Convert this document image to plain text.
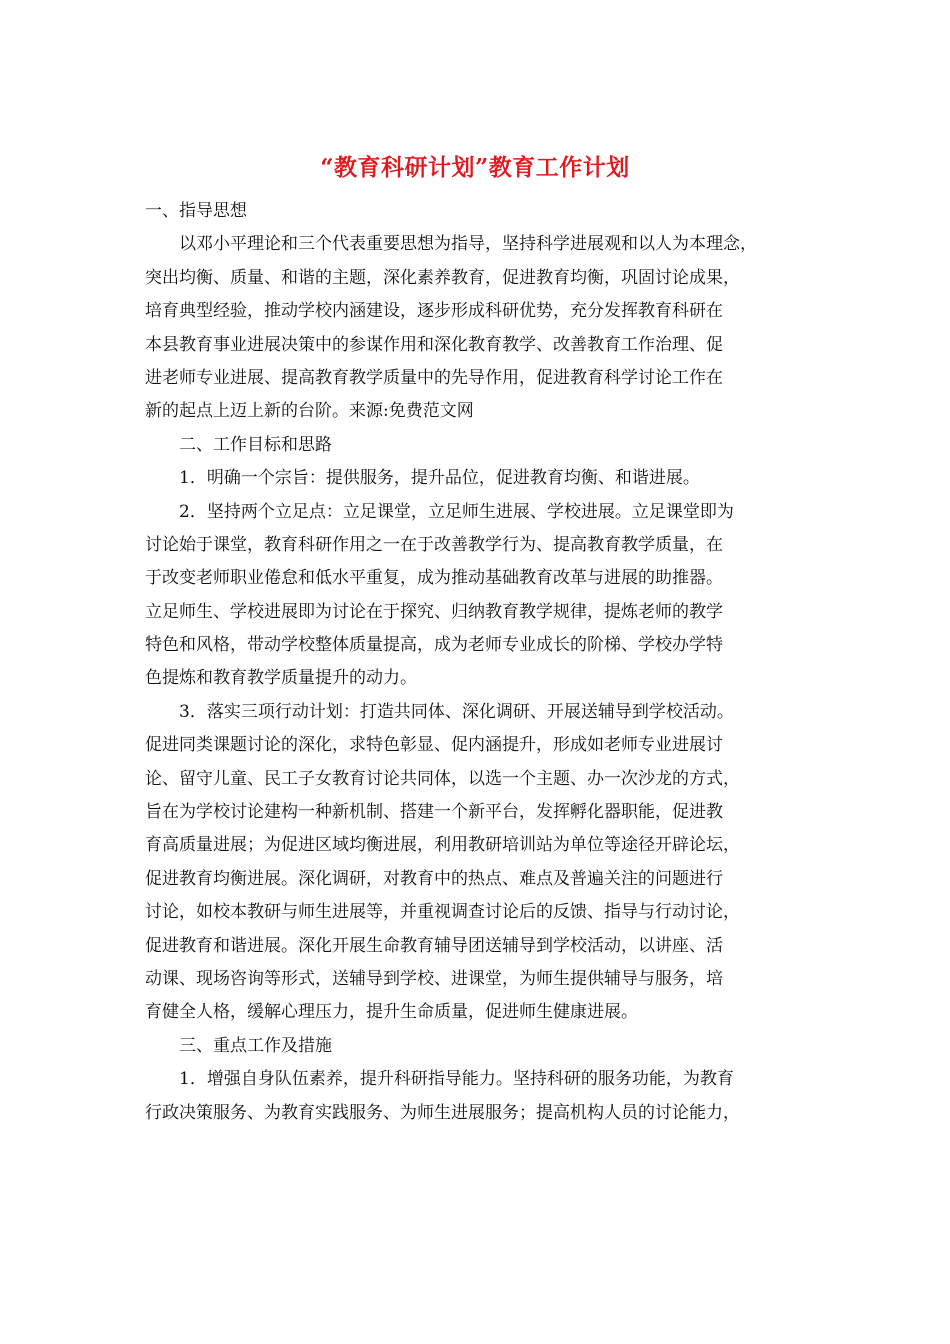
“教育科研计划”教育工作计划
一、指导思想
以邓小平理论和三个代表重要思想为指导，坚持科学进展观和以人为本理念，
突出均衡、质量、和谐的主题，深化素养教育，促进教育均衡，巩固讨论成果，
培育典型经验，推动学校内涵建设，逐步形成科研优势，充分发挥教育科研在
本县教育事业进展决策中的参谋作用和深化教育教学、改善教育工作治理、促
进老师专业进展、提高教育教学质量中的先导作用，促进教育科学讨论工作在
新的起点上迈上新的台阶。来源:免费范文网
二、工作目标和思路
1．明确一个宗旨：提供服务，提升品位，促进教育均衡、和谐进展。
2．坚持两个立足点：立足课堂，立足师生进展、学校进展。立足课堂即为
讨论始于课堂，教育科研作用之一在于改善教学行为、提高教育教学质量，在
于改变老师职业倦怠和低水平重复，成为推动基础教育改革与进展的助推器。
立足师生、学校进展即为讨论在于探究、归纳教育教学规律，提炼老师的教学
特色和风格，带动学校整体质量提高，成为老师专业成长的阶梯、学校办学特
色提炼和教育教学质量提升的动力。
3．落实三项行动计划：打造共同体、深化调研、开展送辅导到学校活动。
促进同类课题讨论的深化，求特色彰显、促内涵提升，形成如老师专业进展讨
论、留守儿童、民工子女教育讨论共同体，以选一个主题、办一次沙龙的方式，
旨在为学校讨论建构一种新机制、搭建一个新平台，发挥孵化器职能，促进教
育高质量进展；为促进区域均衡进展，利用教研培训站为单位等途径开辟论坛，
促进教育均衡进展。深化调研，对教育中的热点、难点及普遍关注的问题进行
讨论，如校本教研与师生进展等，并重视调查讨论后的反馈、指导与行动讨论，
促进教育和谐进展。深化开展生命教育辅导团送辅导到学校活动，以讲座、活
动课、现场咨询等形式，送辅导到学校、进课堂，为师生提供辅导与服务，培
育健全人格，缓解心理压力，提升生命质量，促进师生健康进展。
三、重点工作及措施
1．增强自身队伍素养，提升科研指导能力。坚持科研的服务功能，为教育
行政决策服务、为教育实践服务、为师生进展服务；提高机构人员的讨论能力，
